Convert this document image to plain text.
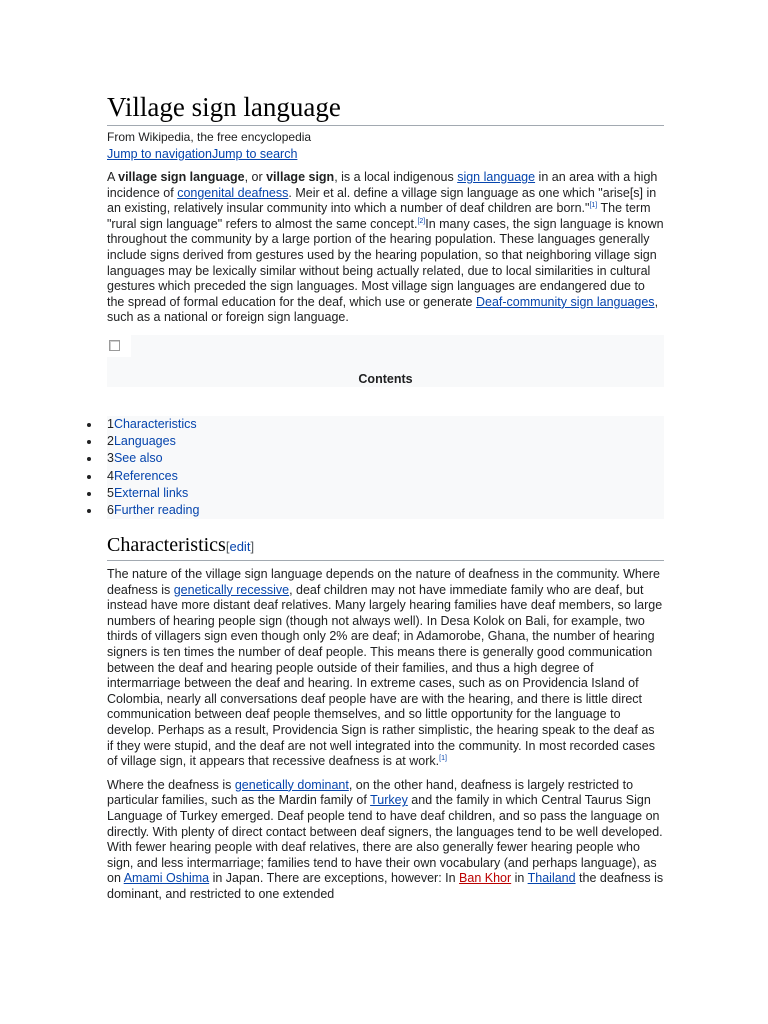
Village sign language
From Wikipedia, the free encyclopedia
Jump to navigationJump to search

A village sign language, or village sign, is a local indigenous sign language in an area with a high incidence of congenital deafness. Meir et al. define a village sign language as one which "arise[s] in an existing, relatively insular community into which a number of deaf children are born."[1] The term "rural sign language" refers to almost the same concept.[2]In many cases, the sign language is known throughout the community by a large portion of the hearing population. These languages generally include signs derived from gestures used by the hearing population, so that neighboring village sign languages may be lexically similar without being actually related, due to local similarities in cultural gestures which preceded the sign languages. Most village sign languages are endangered due to the spread of formal education for the deaf, which use or generate Deaf-community sign languages, such as a national or foreign sign language.

Contents
1Characteristics
2Languages
3See also
4References
5External links
6Further reading
Characteristics[edit]

The nature of the village sign language depends on the nature of deafness in the community. Where deafness is genetically recessive, deaf children may not have immediate family who are deaf, but instead have more distant deaf relatives. Many largely hearing families have deaf members, so large numbers of hearing people sign (though not always well). In Desa Kolok on Bali, for example, two thirds of villagers sign even though only 2% are deaf; in Adamorobe, Ghana, the number of hearing signers is ten times the number of deaf people. This means there is generally good communication between the deaf and hearing people outside of their families, and thus a high degree of intermarriage between the deaf and hearing. In extreme cases, such as on Providencia Island of Colombia, nearly all conversations deaf people have are with the hearing, and there is little direct communication between deaf people themselves, and so little opportunity for the language to develop. Perhaps as a result, Providencia Sign is rather simplistic, the hearing speak to the deaf as if they were stupid, and the deaf are not well integrated into the community. In most recorded cases of village sign, it appears that recessive deafness is at work.[1]

Where the deafness is genetically dominant, on the other hand, deafness is largely restricted to particular families, such as the Mardin family of Turkey and the family in which Central Taurus Sign Language of Turkey emerged. Deaf people tend to have deaf children, and so pass the language on directly. With plenty of direct contact between deaf signers, the languages tend to be well developed. With fewer hearing people with deaf relatives, there are also generally fewer hearing people who sign, and less intermarriage; families tend to have their own vocabulary (and perhaps language), as on Amami Oshima in Japan. There are exceptions, however: In Ban Khor in Thailand the deafness is dominant, and restricted to one extended
